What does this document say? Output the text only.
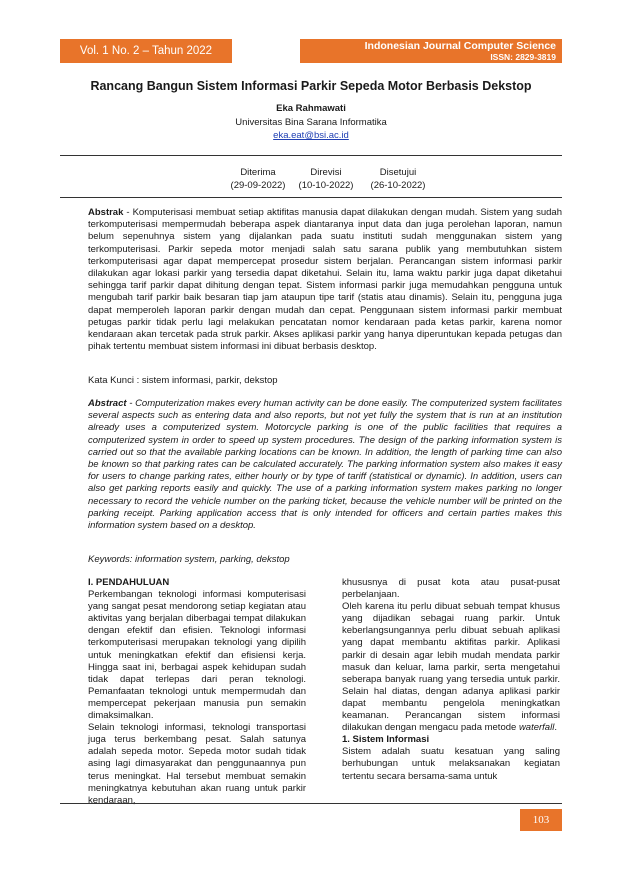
Vol. 1 No. 2 – Tahun 2022	Indonesian Journal Computer Science
ISSN: 2829-3819
Rancang Bangun Sistem Informasi Parkir Sepeda Motor Berbasis Dekstop
Eka Rahmawati
Universitas Bina Sarana Informatika
eka.eat@bsi.ac.id
Diterima
(29-09-2022)
Direvisi
(10-10-2022)
Disetujui
(26-10-2022)

Abstrak - Komputerisasi membuat setiap aktifitas manusia dapat dilakukan dengan mudah. Sistem yang sudah terkomputerisasi mempermudah beberapa aspek diantaranya input data dan juga perolehan laporan, namun belum sepenuhnya sistem yang dijalankan pada suatu instituti sudah menggunakan sistem yang terkomputerisasi. Parkir sepeda motor menjadi salah satu sarana publik yang membutuhkan sistem terkomputerisasi agar dapat mempercepat prosedur sistem berjalan. Perancangan sistem informasi parkir dilakukan agar lokasi parkir yang tersedia dapat diketahui. Selain itu, lama waktu parkir juga dapat diketahui sehingga tarif parkir dapat dihitung dengan tepat. Sistem informasi parkir juga memudahkan pengguna untuk mengubah tarif parkir baik besaran tiap jam ataupun tipe tarif (statis atau dinamis). Selain itu, pengguna juga dapat memperoleh laporan parkir dengan mudah dan cepat. Penggunaan sistem informasi parkir membuat petugas parkir tidak perlu lagi melakukan pencatatan nomor kendaraan pada ketas parkir, karena nomor kendaraan akan tercetak pada struk parkir. Akses aplikasi parkir yang hanya diperuntukan kepada petugas dan pihak tertentu membuat sistem informasi ini dibuat berbasis desktop.

Kata Kunci : sistem informasi, parkir, dekstop

Abstract - Computerization makes every human activity can be done easily. The computerized system facilitates several aspects such as entering data and also reports, but not yet fully the system that is run at an institution already uses a computerized system. Motorcycle parking is one of the public facilities that requires a computerized system in order to speed up system procedures. The design of the parking information system is carried out so that the available parking locations can be known. In addition, the length of parking time can also be known so that parking rates can be calculated accurately. The parking information system also makes it easy for users to change parking rates, either hourly or by type of tariff (statistical or dynamic). In addition, users can also get parking reports easily and quickly. The use of a parking information system makes parking no longer necessary to record the vehicle number on the parking ticket, because the vehicle number will be printed on the parking receipt. Parking application access that is only intended for officers and certain parties makes this information system based on a desktop.

Keywords: information system, parking, dekstop

I. PENDAHULUAN

Perkembangan teknologi informasi komputerisasi yang sangat pesat mendorong setiap kegiatan atau aktivitas yang berjalan diberbagai tempat dilakukan dengan efektif dan efisien. Teknologi informasi terkomputerisasi merupakan teknologi yang dipilih untuk meningkatkan efektif dan efisiensi kerja. Hingga saat ini, berbagai aspek kehidupan sudah tidak dapat terlepas dari peran teknologi. Pemanfaatan teknologi untuk mempermudah dan mempercepat pekerjaan manusia pun semakin dimaksimalkan.

Selain teknologi informasi, teknologi transportasi juga terus berkembang pesat. Salah satunya adalah sepeda motor. Sepeda motor sudah tidak asing lagi dimasyarakat dan penggunaannya pun terus meningkat. Hal tersebut membuat semakin meningkatnya kebutuhan akan ruang untuk parkir kendaraan,

khususnya di pusat kota atau pusat-pusat perbelanjaan.

Oleh karena itu perlu dibuat sebuah tempat khusus yang dijadikan sebagai ruang parkir. Untuk keberlangsungannya perlu dibuat sebuah aplikasi yang dapat membantu aktifitas parkir. Aplikasi parkir di desain agar lebih mudah mendata parkir masuk dan keluar, lama parkir, serta mengetahui seberapa banyak ruang yang tersedia untuk parkir. Selain hal diatas, dengan adanya aplikasi parkir dapat membantu pengelola meningkatkan keamanan. Perancangan sistem informasi dilakukan dengan mengacu pada metode waterfall.

1. Sistem Informasi

Sistem adalah suatu kesatuan yang saling berhubungan untuk melaksanakan kegiatan tertentu secara bersama-sama untuk

103
